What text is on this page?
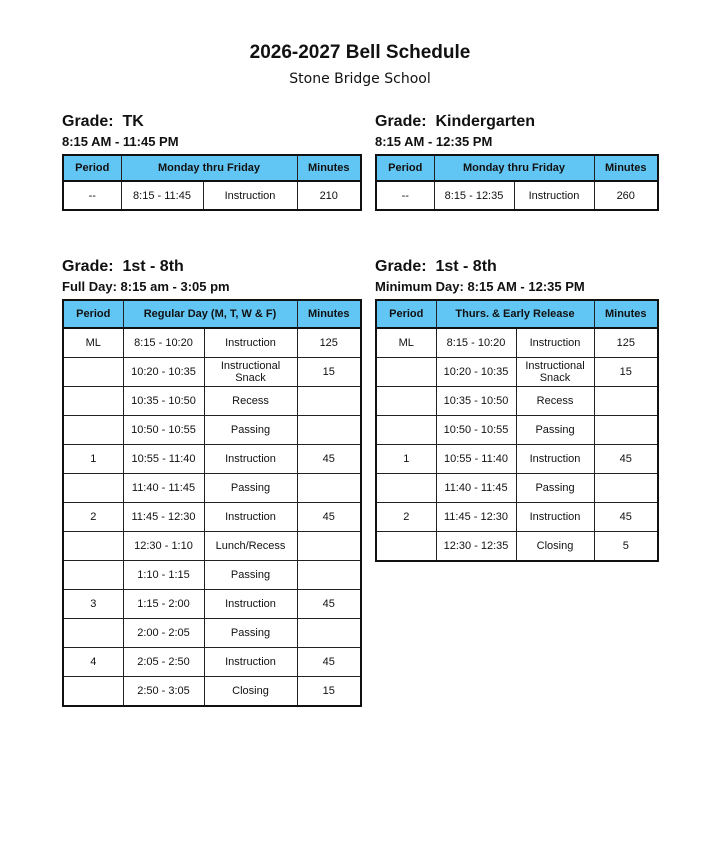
2026-2027 Bell Schedule
Stone Bridge School
Grade:  TK
8:15 AM - 11:45 PM
Period	Monday thru Friday		Minutes
--	8:15 - 11:45	Instruction	210
Grade:  Kindergarten
8:15 AM - 12:35 PM
Period	Monday thru Friday		Minutes
--	8:15 - 12:35	Instruction	260
Grade:  1st - 8th
Full Day: 8:15 am - 3:05 pm
Period	Regular Day (M, T, W & F)		Minutes
ML	8:15 - 10:20	Instruction	125
	10:20 - 10:35	Instructional Snack	15
	10:35 - 10:50	Recess	
	10:50 - 10:55	Passing	
1	10:55 - 11:40	Instruction	45
	11:40 - 11:45	Passing	
2	11:45 - 12:30	Instruction	45
	12:30 - 1:10	Lunch/Recess	
	1:10 - 1:15	Passing	
3	1:15 - 2:00	Instruction	45
	2:00 - 2:05	Passing	
4	2:05 - 2:50	Instruction	45
	2:50 - 3:05	Closing	15
Grade:  1st - 8th
Minimum Day: 8:15 AM - 12:35 PM
Period	Thurs. & Early Release		Minutes
ML	8:15 - 10:20	Instruction	125
	10:20 - 10:35	Instructional Snack	15
	10:35 - 10:50	Recess	
	10:50 - 10:55	Passing	
1	10:55 - 11:40	Instruction	45
	11:40 - 11:45	Passing	
2	11:45 - 12:30	Instruction	45
	12:30 - 12:35	Closing	5
